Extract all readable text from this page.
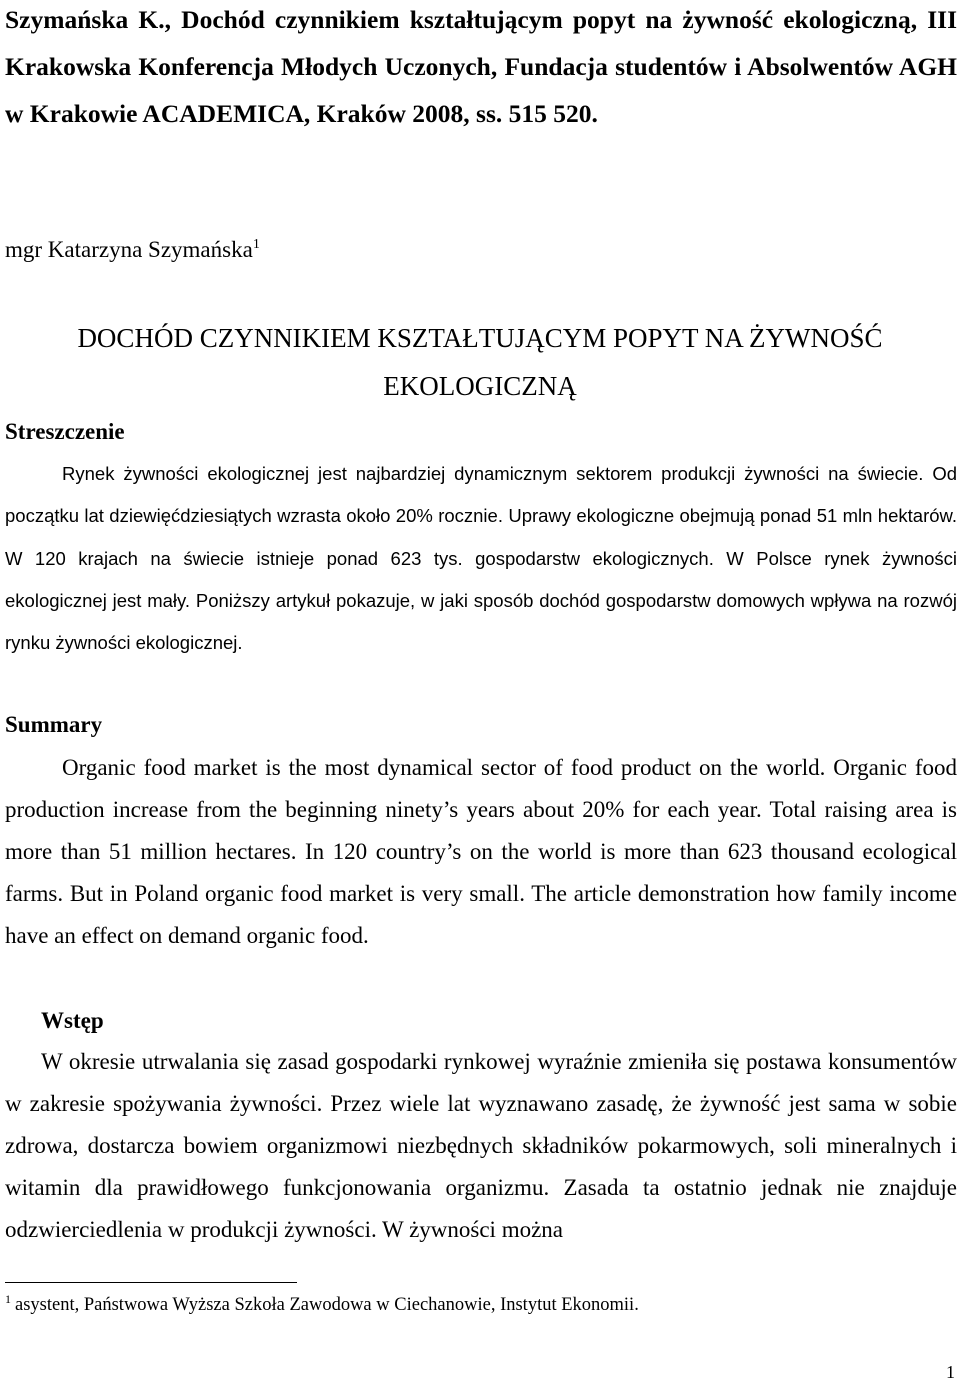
Szymańska K., Dochód czynnikiem kształtującym popyt na żywność ekologiczną, III Krakowska Konferencja Młodych Uczonych, Fundacja studentów i Absolwentów AGH w Krakowie ACADEMICA, Kraków 2008, ss. 515 520.

mgr Katarzyna Szymańska$^1$

DOCHÓD CZYNNIKIEM KSZTAŁTUJĄCYM POPYT NA ŻYWNOŚĆ
EKOLOGICZNĄ
Streszczenie

Rynek żywności ekologicznej jest najbardziej dynamicznym sektorem produkcji żywności na świecie. Od początku lat dziewięćdziesiątych wzrasta około 20% rocznie. Uprawy ekologiczne obejmują ponad 51 mln hektarów. W 120 krajach na świecie istnieje ponad 623 tys. gospodarstw ekologicznych. W Polsce rynek żywności ekologicznej jest mały. Poniższy artykuł pokazuje, w jaki sposób dochód gospodarstw domowych wpływa na rozwój rynku żywności ekologicznej.

Summary

Organic food market is the most dynamical sector of food product on the world. Organic food production increase from the beginning ninety’s years about 20% for each year. Total raising area is more than 51 million hectares. In 120 country’s on the world is more than 623 thousand ecological farms. But in Poland organic food market is very small. The article demonstration how family income have an effect on demand organic food.

Wstęp

W okresie utrwalania się zasad gospodarki rynkowej wyraźnie zmieniła się postawa konsumentów w zakresie spożywania żywności. Przez wiele lat wyznawano zasadę, że żywność jest sama w sobie zdrowa, dostarcza bowiem organizmowi niezbędnych składników pokarmowych, soli mineralnych i witamin dla prawidłowego funkcjonowania organizmu. Zasada ta ostatnio jednak nie znajduje odzwierciedlenia w produkcji żywności. W żywności można

$^1$ asystent, Państwowa Wyższa Szkoła Zawodowa w Ciechanowie, Instytut Ekonomii.

1
